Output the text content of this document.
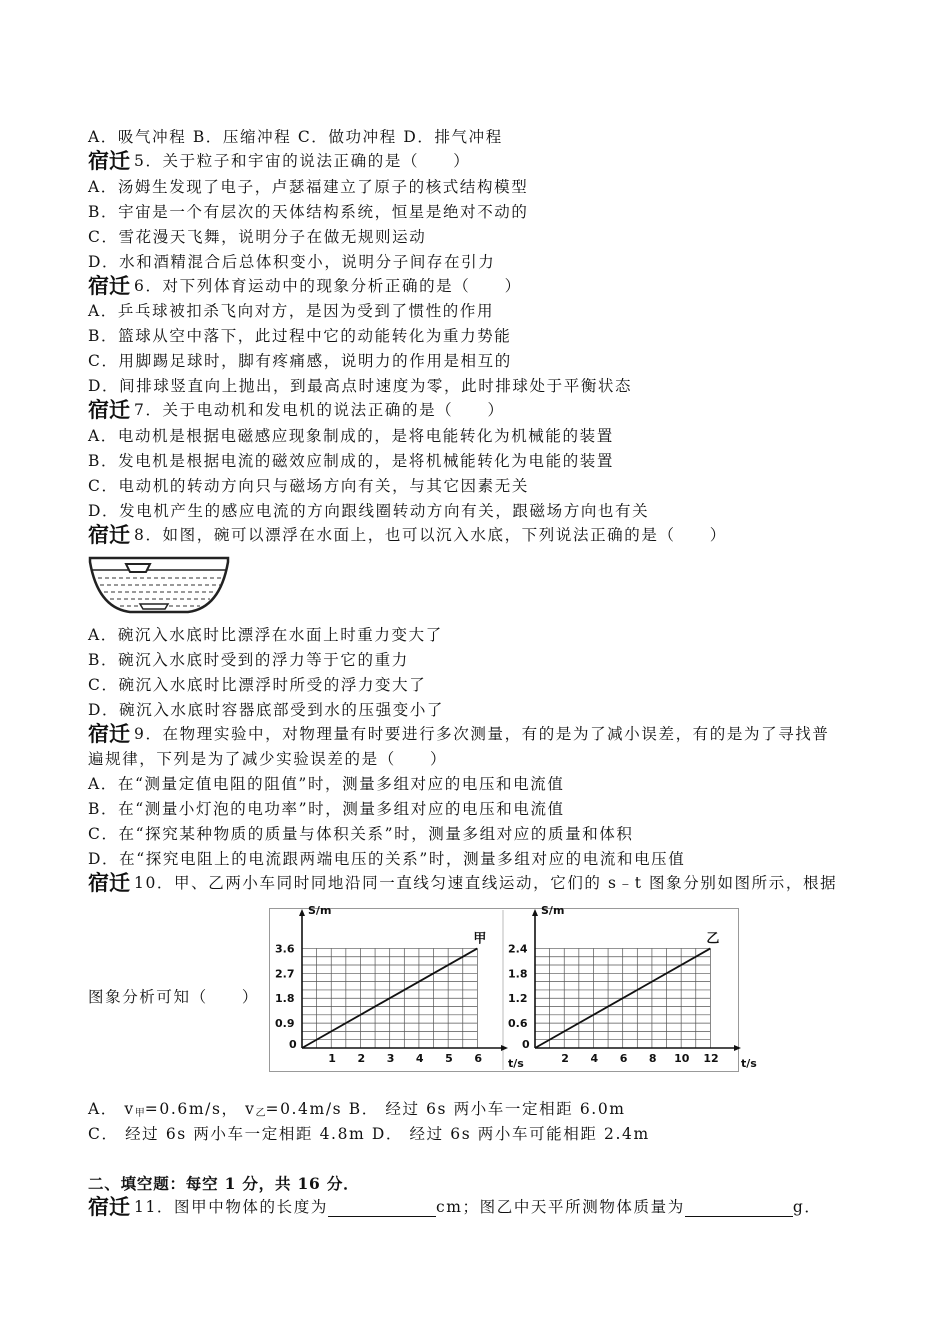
A．吸气冲程 B．压缩冲程 C．做功冲程 D．排气冲程
宿迁 5．关于粒子和宇宙的说法正确的是（　　）
A．汤姆生发现了电子，卢瑟福建立了原子的核式结构模型
B．宇宙是一个有层次的天体结构系统，恒星是绝对不动的
C．雪花漫天飞舞，说明分子在做无规则运动
D．水和酒精混合后总体积变小，说明分子间存在引力
宿迁 6．对下列体育运动中的现象分析正确的是（　　）
A．乒乓球被扣杀飞向对方，是因为受到了惯性的作用
B．篮球从空中落下，此过程中它的动能转化为重力势能
C．用脚踢足球时，脚有疼痛感，说明力的作用是相互的
D．间排球竖直向上抛出，到最高点时速度为零，此时排球处于平衡状态
宿迁 7．关于电动机和发电机的说法正确的是（　　）
A．电动机是根据电磁感应现象制成的，是将电能转化为机械能的装置
B．发电机是根据电流的磁效应制成的，是将机械能转化为电能的装置
C．电动机的转动方向只与磁场方向有关，与其它因素无关
D．发电机产生的感应电流的方向跟线圈转动方向有关，跟磁场方向也有关
宿迁 8．如图，碗可以漂浮在水面上，也可以沉入水底，下列说法正确的是（　　）
A．碗沉入水底时比漂浮在水面上时重力变大了
B．碗沉入水底时受到的浮力等于它的重力
C．碗沉入水底时比漂浮时所受的浮力变大了
D．碗沉入水底时容器底部受到水的压强变小了
宿迁 9．在物理实验中，对物理量有时要进行多次测量，有的是为了减小误差，有的是为了寻找普
遍规律，下列是为了减少实验误差的是（　　）
A．在“测量定值电阻的阻值”时，测量多组对应的电压和电流值
B．在“测量小灯泡的电功率”时，测量多组对应的电压和电流值
C．在“探究某种物质的质量与体积关系”时，测量多组对应的质量和体积
D．在“探究电阻上的电流跟两端电压的关系”时，测量多组对应的电流和电压值
宿迁 10．甲、乙两小车同时同地沿同一直线匀速直线运动，它们的 s﹣t 图象分别如图所示，根据
图象分析可知（　　）
S/m
t/s
甲
0
1 2 3 4 5 6
0.9
1.8
2.7
3.6
S/m
t/s
乙
0
2 4 6 8 10 12
0.6
1.2
1.8
2.4
A． $v_甲=0.6m/s$， $v_乙=0.4m/s$ B． 经过 6s 两小车一定相距 6.0m
C． 经过 6s 两小车一定相距 4.8m D． 经过 6s 两小车可能相距 2.4m
二、填空题：每空 1 分，共 16 分．
宿迁 11．图甲中物体的长度为	cm；图乙中天平所测物体质量为	g．
